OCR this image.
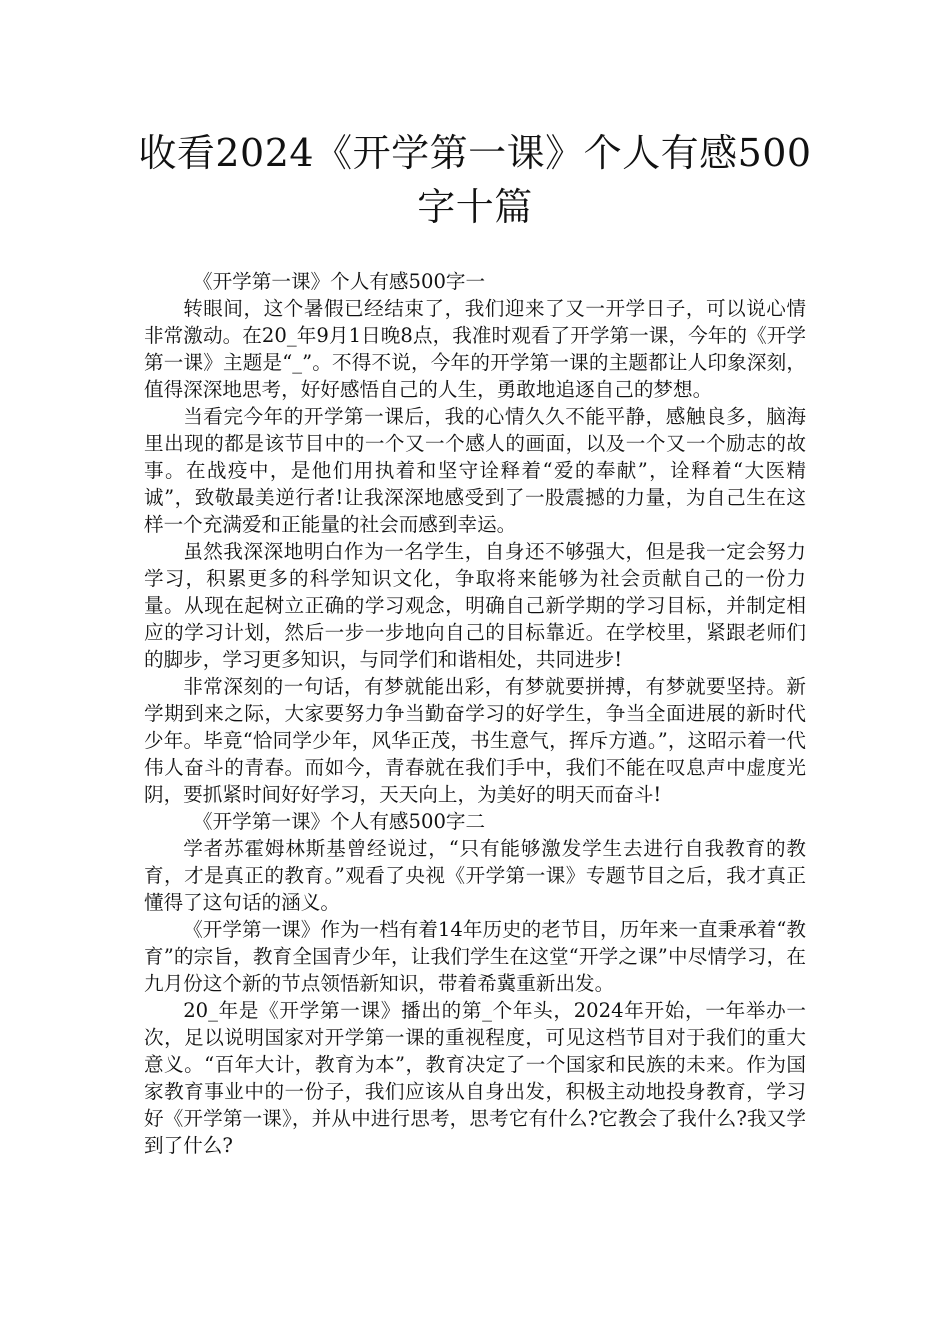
收看2024《开学第一课》个人有感500字十篇

《开学第一课》个人有感500字一

转眼间，这个暑假已经结束了，我们迎来了又一开学日子，可以说心情非常激动。在20_年9月1日晚8点，我准时观看了开学第一课，今年的《开学第一课》主题是“_”。不得不说，今年的开学第一课的主题都让人印象深刻，值得深深地思考，好好感悟自己的人生，勇敢地追逐自己的梦想。

当看完今年的开学第一课后，我的心情久久不能平静，感触良多，脑海里出现的都是该节目中的一个又一个感人的画面，以及一个又一个励志的故事。在战疫中，是他们用执着和坚守诠释着“爱的奉献”，诠释着“大医精诚”，致敬最美逆行者!让我深深地感受到了一股震撼的力量，为自己生在这样一个充满爱和正能量的社会而感到幸运。

虽然我深深地明白作为一名学生，自身还不够强大，但是我一定会努力学习，积累更多的科学知识文化，争取将来能够为社会贡献自己的一份力量。从现在起树立正确的学习观念，明确自己新学期的学习目标，并制定相应的学习计划，然后一步一步地向自己的目标靠近。在学校里，紧跟老师们的脚步，学习更多知识，与同学们和谐相处，共同进步!

非常深刻的一句话，有梦就能出彩，有梦就要拼搏，有梦就要坚持。新学期到来之际，大家要努力争当勤奋学习的好学生，争当全面进展的新时代少年。毕竟“恰同学少年，风华正茂，书生意气，挥斥方遒。”，这昭示着一代伟人奋斗的青春。而如今，青春就在我们手中，我们不能在叹息声中虚度光阴，要抓紧时间好好学习，天天向上，为美好的明天而奋斗!

《开学第一课》个人有感500字二

学者苏霍姆林斯基曾经说过，“只有能够激发学生去进行自我教育的教育，才是真正的教育。”观看了央视《开学第一课》专题节目之后，我才真正懂得了这句话的涵义。

《开学第一课》作为一档有着14年历史的老节目，历年来一直秉承着“教育”的宗旨，教育全国青少年，让我们学生在这堂“开学之课”中尽情学习，在九月份这个新的节点领悟新知识，带着希冀重新出发。

20_年是《开学第一课》播出的第_个年头，2024年开始，一年举办一次，足以说明国家对开学第一课的重视程度，可见这档节目对于我们的重大意义。“百年大计，教育为本”，教育决定了一个国家和民族的未来。作为国家教育事业中的一份子，我们应该从自身出发，积极主动地投身教育，学习好《开学第一课》，并从中进行思考，思考它有什么?它教会了我什么?我又学到了什么?
